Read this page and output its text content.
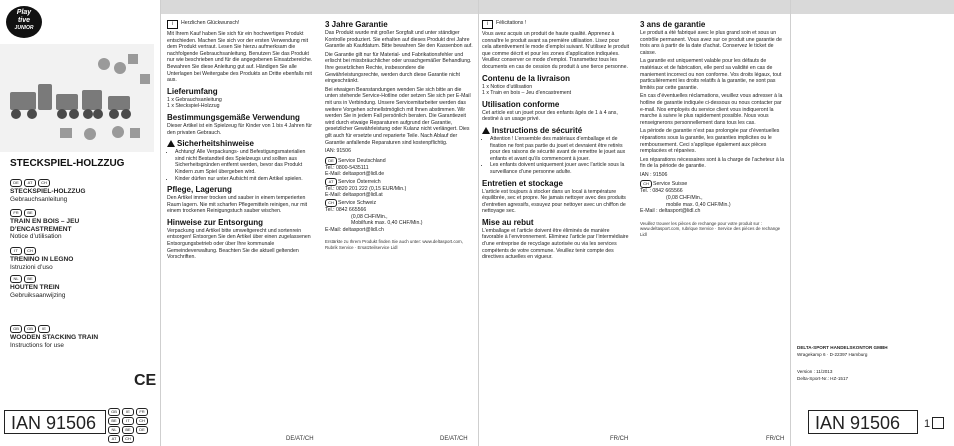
Play
tive
JUNIOR
STECKSPIEL-HOLZZUG
DE	AT	CH
STECKSPIEL-HOLZZUG
Gebrauchsanleitung
FR	BE
TRAIN EN BOIS – JEU D’ENCASTREMENT
Notice d’utilisation
IT	CH
TRENINO IN LEGNO
Istruzioni d’uso
NL	BE
HOUTEN TREIN
Gebruiksaanwijzing
GB	GB	IE
WOODEN STACKING TRAIN
Instructions for use
CE
IAN 91506
GB	IE	FR
BE	IT	CH
NL	BE	DE
AT	CH

i Herzlichen Glückwunsch!

Mit Ihrem Kauf haben Sie sich für ein hochwertiges Produkt entschieden. Machen Sie sich vor der ersten Verwendung mit dem Produkt vertraut. Lesen Sie hierzu aufmerksam die nachfolgende Gebrauchsanleitung. Benutzen Sie das Produkt nur wie beschrieben und für die angegebenen Einsatzbereiche. Bewahren Sie diese Anleitung gut auf. Händigen Sie alle Unterlagen bei Weitergabe des Produkts an Dritte ebenfalls mit aus.

Lieferumfang
1 x Gebrauchsanleitung
1 x Steckspiel-Holzzug
Bestimmungsgemäße Verwendung

Dieser Artikel ist ein Spielzeug für Kinder von 1 bis 4 Jahren für den privaten Gebrauch.

Sicherheitshinweise
• Achtung! Alle Verpackungs- und Befestigungsmaterialien sind nicht Bestandteil des Spielzeugs und sollten aus Sicherheitsgründen entfernt werden, bevor das Produkt Kindern zum Spiel übergeben wird.
• Kinder dürfen nur unter Aufsicht mit dem Artikel spielen.
Pflege, Lagerung

Den Artikel immer trocken und sauber in einem temperierten Raum lagern. Nie mit scharfen Pflegemitteln reinigen, nur mit einem trockenen Reinigungstuch sauber wischen.

Hinweise zur Entsorgung

Verpackung und Artikel bitte umweltgerecht und sortenrein entsorgen! Entsorgen Sie den Artikel über einen zugelassenen Entsorgungsbetrieb oder über Ihre kommunale Gemeindeverwaltung. Beachten Sie die aktuell geltenden Vorschriften.

3 Jahre Garantie

Das Produkt wurde mit großer Sorgfalt und unter ständiger Kontrolle produziert. Sie erhalten auf dieses Produkt drei Jahre Garantie ab Kaufdatum. Bitte bewahren Sie den Kassenbon auf.

Die Garantie gilt nur für Material- und Fabrikationsfehler und erlischt bei missbräuchlicher oder unsachgemäßer Behandlung. Ihre gesetzlichen Rechte, insbesondere die Gewährleistungsrechte, werden durch diese Garantie nicht eingeschränkt.

Bei etwaigen Beanstandungen wenden Sie sich bitte an die unten stehende Service-Hotline oder setzen Sie sich per E-Mail mit uns in Verbindung. Unsere Servicemitarbeiter werden das weitere Vorgehen schnellstmöglich mit Ihnen abstimmen. Wir werden Sie in jedem Fall persönlich beraten. Die Garantiezeit wird durch etwaige Reparaturen aufgrund der Garantie, gesetzlicher Gewährleistung oder Kulanz nicht verlängert. Dies gilt auch für ersetzte und reparierte Teile. Nach Ablauf der Garantie anfallende Reparaturen sind kostenpflichtig.

IAN: 91506

DE Service Deutschland
Tel.: 0800-5435111
E-Mail: deltasport@lidl.de
AT Service Österreich
Tel.: 0820 201 222 (0,15 EUR/Min.)
E-Mail: deltasport@lidl.at
CH Service Schweiz
Tel.: 0842 665566
(0,08 CHF/Min.,
Mobilfunk max. 0,40 CHF/Min.)
E-Mail: deltasport@lidl.ch

Erstärkte zu Ihrem Produkt finden Sie auch unter: www.deltasport.com, Rubrik Service · Ersatzteilservice Lidl

DE/AT/CH	DE/AT/CH

i Félicitations !

Vous avez acquis un produit de haute qualité. Apprenez à connaître le produit avant sa première utilisation. Lisez pour cela attentivement le mode d’emploi suivant. N’utilisez le produit que comme décrit et pour les zones d’application indiquées. Veuillez conserver ce mode d’emploi. Transmettez tous les documents en cas de cession du produit à une tierce personne.

Contenu de la livraison
1 x Notice d’utilisation
1 x Train en bois – Jeu d’encastrement
Utilisation conforme

Cet article est un jouet pour des enfants âgés de 1 à 4 ans, destiné à un usage privé.

Instructions de sécurité
• Attention ! L’ensemble des matériaux d’emballage et de fixation ne font pas partie du jouet et devraient être retirés pour des raisons de sécurité avant de remettre le jouet aux enfants et avant qu’ils commencent à jouer.
• Les enfants doivent uniquement jouer avec l’article sous la surveillance d’une personne adulte.
Entretien et stockage

L’article est toujours à stocker dans un local à température équilibrée, sec et propre. Ne jamais nettoyer avec des produits d’entretien agressifs, essuyez pour nettoyer avec un chiffon de nettoyage sec.

Mise au rebut

L’emballage et l’article doivent être éliminés de manière favorable à l’environnement. Eliminez l’article par l’intermédiaire d’une entreprise de recyclage autorisée ou via les services compétents de votre commune. Veuillez tenir compte des directives actuelles en vigueur.

3 ans de garantie

Le produit a été fabriqué avec le plus grand soin et sous un contrôle permanent. Vous avez sur ce produit une garantie de trois ans à partir de la date d’achat. Conservez le ticket de caisse.

La garantie est uniquement valable pour les défauts de matériaux et de fabrication, elle perd sa validité en cas de maniement incorrect ou non conforme. Vos droits légaux, tout particulièrement les droits relatifs à la garantie, ne sont pas limités par cette garantie.

En cas d’éventuelles réclamations, veuillez vous adresser à la hotline de garantie indiquée ci-dessous ou nous contacter par e-mail. Nos employés du service client vous indiqueront la marche à suivre le plus rapidement possible. Nous vous renseignerons personnellement dans tous les cas.

La période de garantie n’est pas prolongée par d’éventuelles réparations sous la garantie, les garanties implicites ou le remboursement. Ceci s’applique également aux pièces remplacées et réparées.

Les réparations nécessaires sont à la charge de l’acheteur à la fin de la période de garantie.

IAN : 91506

CH Service Suisse
Tel. : 0842 665566
(0,08 CHF/Min.,
mobile max. 0,40 CHF/Min.)
E-Mail : deltasport@lidl.ch

Veuillez trouver les pièces de rechange pour votre produit sur : www.deltasport.com, rubrique Service · Service des pièces de rechange Lidl

FR/CH	FR/CH
DELTA-SPORT HANDELSKONTOR GMBH
Wragekamp 6 · D-22397 Hamburg
Version : 11/2013
Delta-Sport-Nr.: HZ-1517
IAN 91506	1
